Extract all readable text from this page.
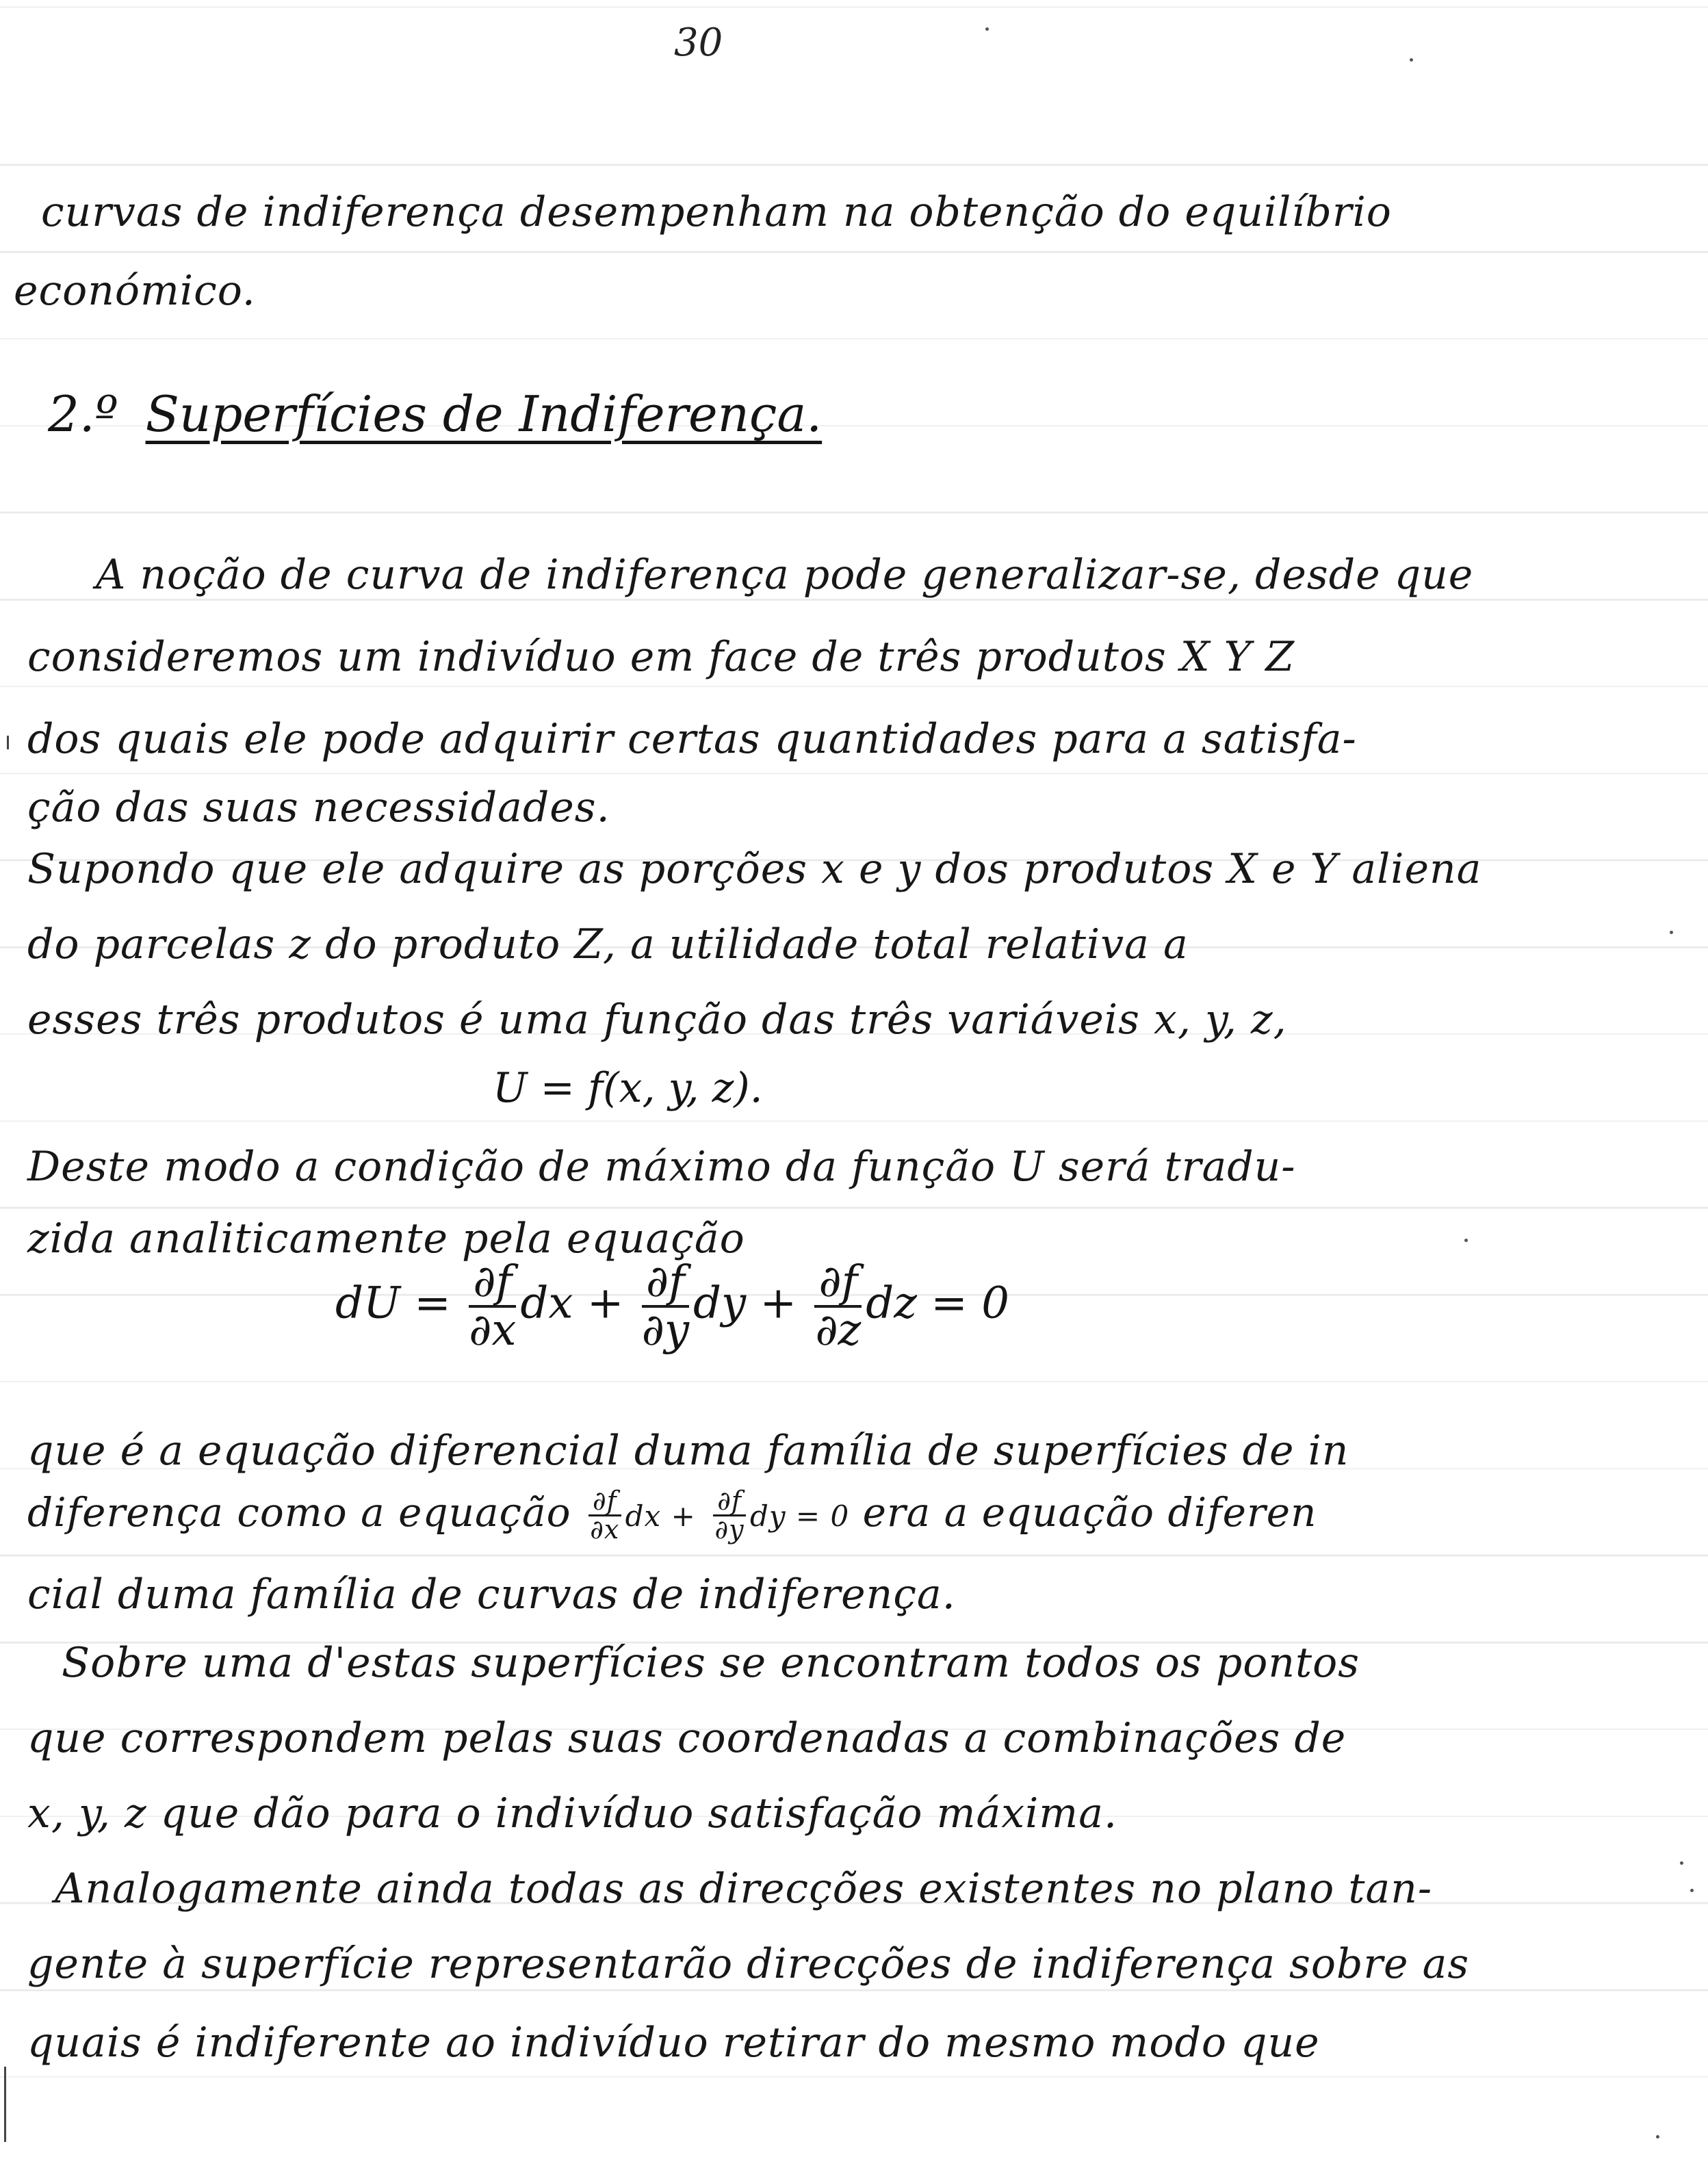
30
curvas de indiferença desempenham na obtenção do equilíbrio
económico.
2.º Superfícies de Indiferença.
A noção de curva de indiferença pode generalizar-se, desde que
consideremos um indivíduo em face de três produtos X Y Z
dos quais ele pode adquirir certas quantidades para a satisfa-
ção das suas necessidades.
Supondo que ele adquire as porções x e y dos produtos X e Y aliena
do parcelas z do produto Z, a utilidade total relativa a
esses três produtos é uma função das três variáveis x, y, z,
U = f(x, y, z).
Deste modo a condição de máximo da função U será tradu-
zida analiticamente pela equação
dU = $\frac{\partial f}{\partial x}$ dx + $\frac{\partial f}{\partial y}$ dy + $\frac{\partial f}{\partial z}$ dz = 0
que é a equação diferencial duma família de superfícies de in
diferença como a equação $\frac{\partial f}{\partial x}$ dx + $\frac{\partial f}{\partial y}$ dy = 0 era a equação diferen
cial duma família de curvas de indiferença.
Sobre uma d'estas superfícies se encontram todos os pontos
que correspondem pelas suas coordenadas a combinações de
x, y, z que dão para o indivíduo satisfação máxima.
Analogamente ainda todas as direcções existentes no plano tan-
gente à superfície representarão direcções de indiferença sobre as
quais é indiferente ao indivíduo retirar do mesmo modo que
